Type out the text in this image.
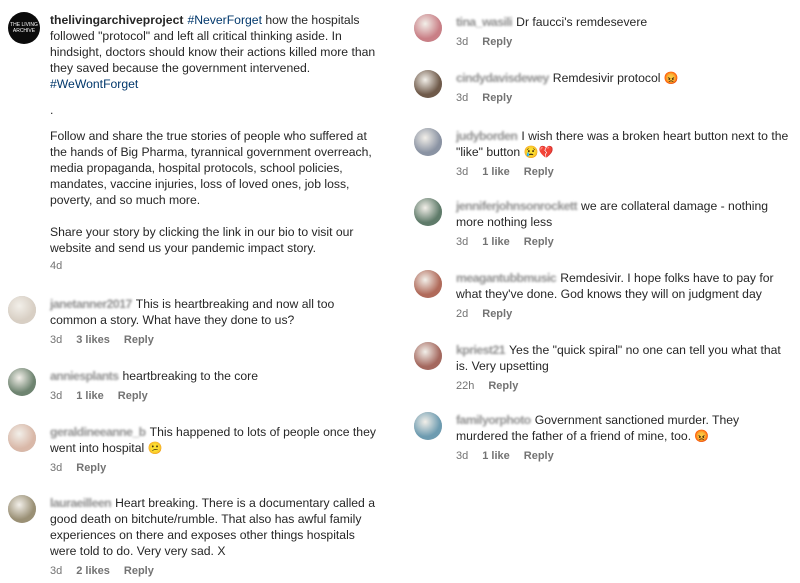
THE LIVING ARCHIVE

thelivingarchiveproject #NeverForget how the hospitals followed "protocol" and left all critical thinking aside. In hindsight, doctors should know their actions killed more than they saved because the government intervened.
#WeWontForget

.

Follow and share the true stories of people who suffered at the hands of Big Pharma, tyrannical government overreach, media propaganda, hospital protocols, school policies, mandates, vaccine injuries, loss of loved ones, job loss, poverty, and so much more.

Share your story by clicking the link in our bio to visit our website and send us your pandemic impact story.

4d

janetanner2017 This is heartbreaking and now all too common a story. What have they done to us?

3d 3 likes Reply

anniesplants heartbreaking to the core

3d 1 like Reply

geraldineeanne_b This happened to lots of people once they went into hospital 😕

3d Reply

lauraeilleen Heart breaking. There is a documentary called a good death on bitchute/rumble. That also has awful family experiences on there and exposes other things hospitals were told to do. Very very sad. X

3d 2 likes Reply

tina_wasili Dr faucci's remdesevere

3d Reply

cindydavisdewey Remdesivir protocol 😡

3d Reply

judyborden I wish there was a broken heart button next to the "like" button 😢💔

3d 1 like Reply

jenniferjohnsonrockett we are collateral damage - nothing more nothing less

3d 1 like Reply

meagantubbmusic Remdesivir. I hope folks have to pay for what they've done. God knows they will on judgment day

2d Reply

kpriest21 Yes the "quick spiral" no one can tell you what that is. Very upsetting

22h Reply

familyorphoto Government sanctioned murder. They murdered the father of a friend of mine, too. 😡

3d 1 like Reply
